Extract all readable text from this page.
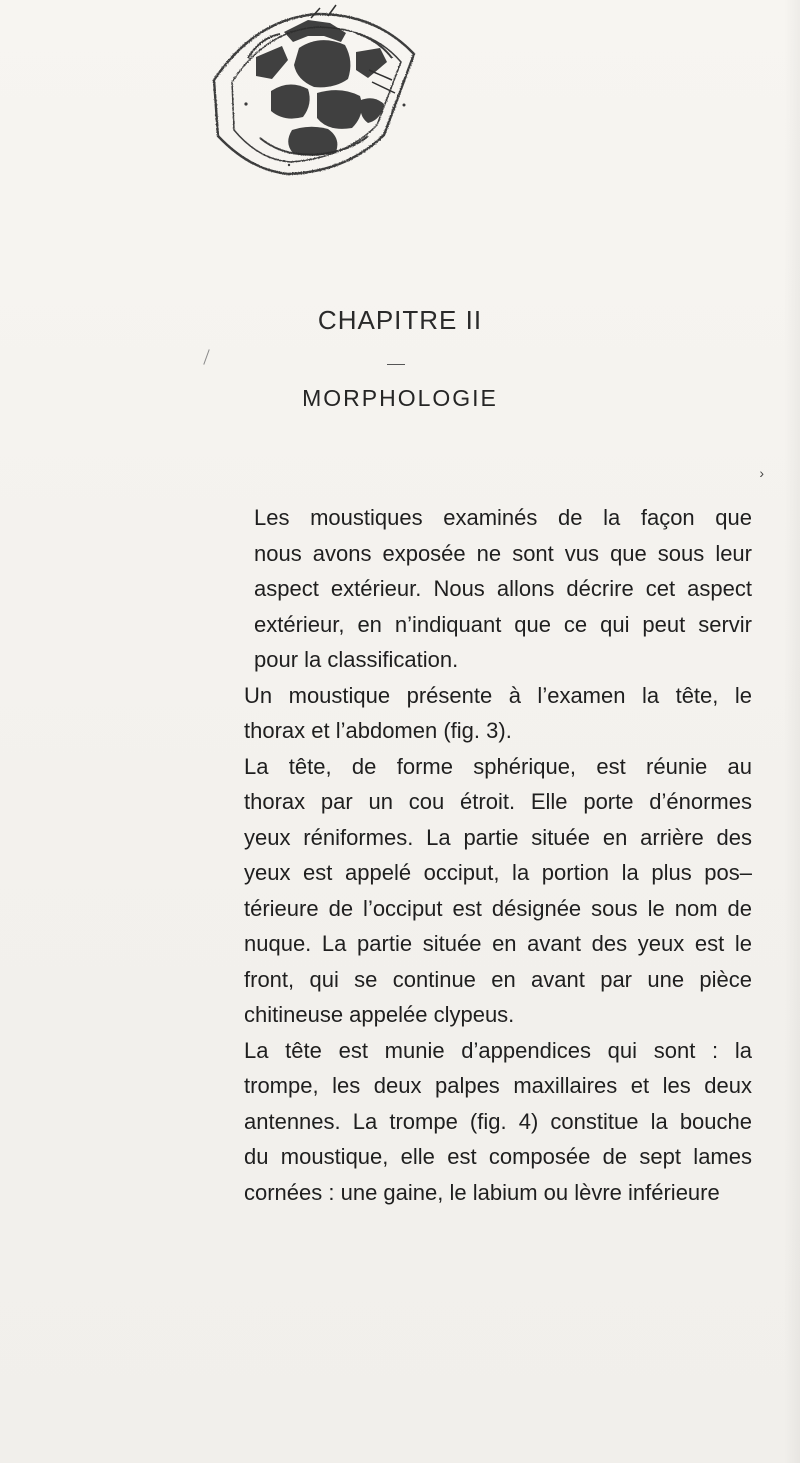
CHAPITRE II
MORPHOLOGIE
›
Les moustiques examinés de la façon que
nous avons exposée ne sont vus que sous leur
aspect extérieur. Nous allons décrire cet aspect
extérieur, en n’indiquant que ce qui peut servir
pour la classification.
Un moustique présente à l’examen la tête, le
thorax et l’abdomen (fig. 3).
La tête, de forme sphérique, est réunie au
thorax par un cou étroit. Elle porte d’énormes
yeux réniformes. La partie située en arrière des
yeux est appelé occiput, la portion la plus pos–
térieure de l’occiput est désignée sous le nom de
nuque. La partie située en avant des yeux est le
front, qui se continue en avant par une pièce
chitineuse appelée clypeus.
La tête est munie d’appendices qui sont : la
trompe, les deux palpes maxillaires et les deux
antennes. La trompe (fig. 4) constitue la bouche
du moustique, elle est composée de sept lames
cornées : une gaine, le labium ou lèvre inférieure
